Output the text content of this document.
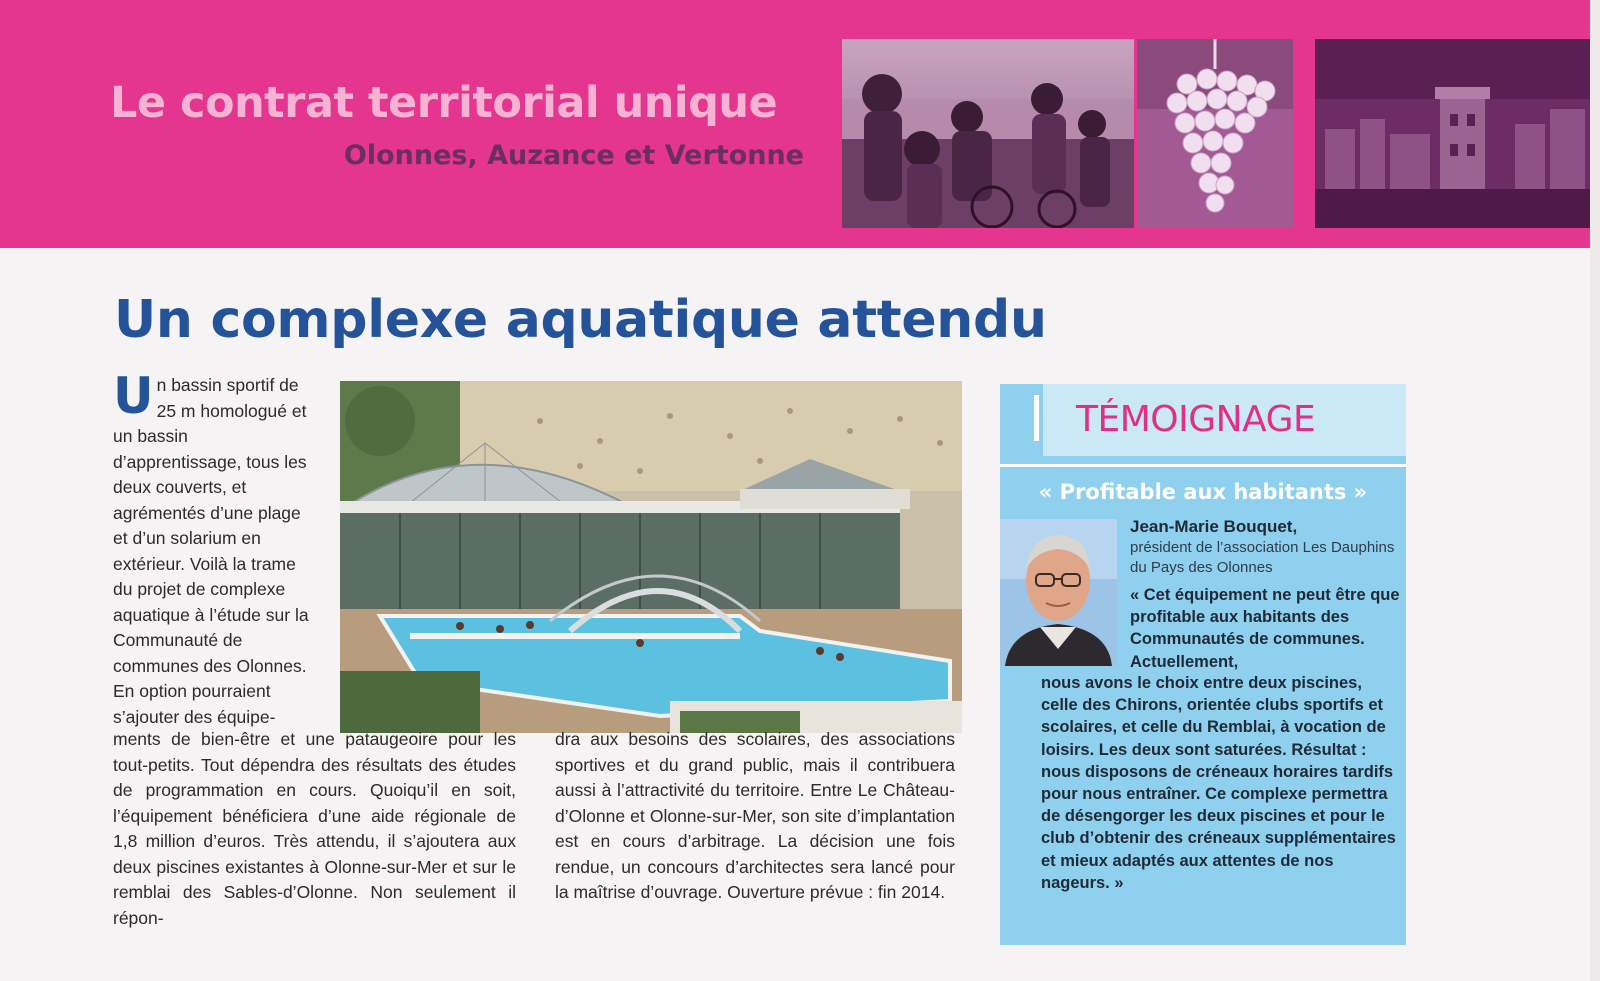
Le contrat territorial unique
Olonnes, Auzance et Vertonne
Un complexe aquatique attendu
U n bassin sportif de 25 m homologué et un bassin d’apprentissage, tous les deux couverts, et agrémentés d’une plage et d’un solarium en extérieur. Voilà la trame du projet de complexe aquatique à l’étude sur la Communauté de communes des Olonnes. En option pourraient s’ajouter des équipe-
ments de bien-être et une pataugeoire pour les tout-petits. Tout dépendra des résultats des études de programmation en cours. Quoiqu’il en soit, l’équipement bénéficiera d’une aide régionale de 1,8 million d’euros. Très attendu, il s’ajoutera aux deux piscines existantes à Olonne-sur-Mer et sur le remblai des Sables-d’Olonne. Non seulement il répon-
dra aux besoins des scolaires, des associations sportives et du grand public, mais il contribuera aussi à l’attractivité du territoire. Entre Le Château-d’Olonne et Olonne-sur-Mer, son site d’implantation est en cours d’arbitrage. La décision une fois rendue, un concours d’architectes sera lancé pour la maîtrise d’ouvrage. Ouverture prévue : fin 2014.
TÉMOIGNAGE
« Profitable aux habitants »
Jean-Marie Bouquet,
président de l’association Les Dauphins du Pays des Olonnes
« Cet équipement ne peut être que profitable aux habitants des Communautés de communes. Actuellement,
nous avons le choix entre deux piscines, celle des Chirons, orientée clubs sportifs et scolaires, et celle du Remblai, à vocation de loisirs. Les deux sont saturées. Résultat : nous disposons de créneaux horaires tardifs pour nous entraîner. Ce complexe permettra de désengorger les deux piscines et pour le club d’obtenir des créneaux supplémentaires et mieux adaptés aux attentes de nos nageurs. »
